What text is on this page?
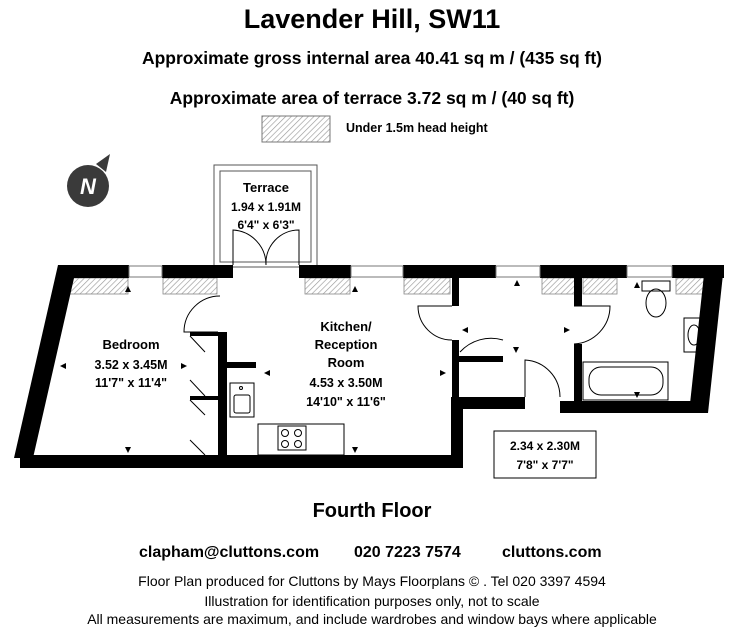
Lavender Hill, SW11

Approximate gross internal area 40.41 sq m / (435 sq ft)

Approximate area of terrace 3.72 sq m / (40 sq ft)

N	Terrace
1.94 x 1.91M
6'4" x 6'3"
Bedroom
3.52 x 3.45M
11'7" x 11'4"
Kitchen/
Reception
Room
4.53 x 3.50M
14'10" x 11'6"
2.34 x 2.30M
7'8" x 7'7"
Under 1.5m head height

Fourth Floor

clapham@cluttons.com 020 7223 7574	cluttons.com

Floor Plan produced for Cluttons by Mays Floorplans © . Tel 020 3397 4594

Illustration for identification purposes only, not to scale

All measurements are maximum, and include wardrobes and window bays where applicable
